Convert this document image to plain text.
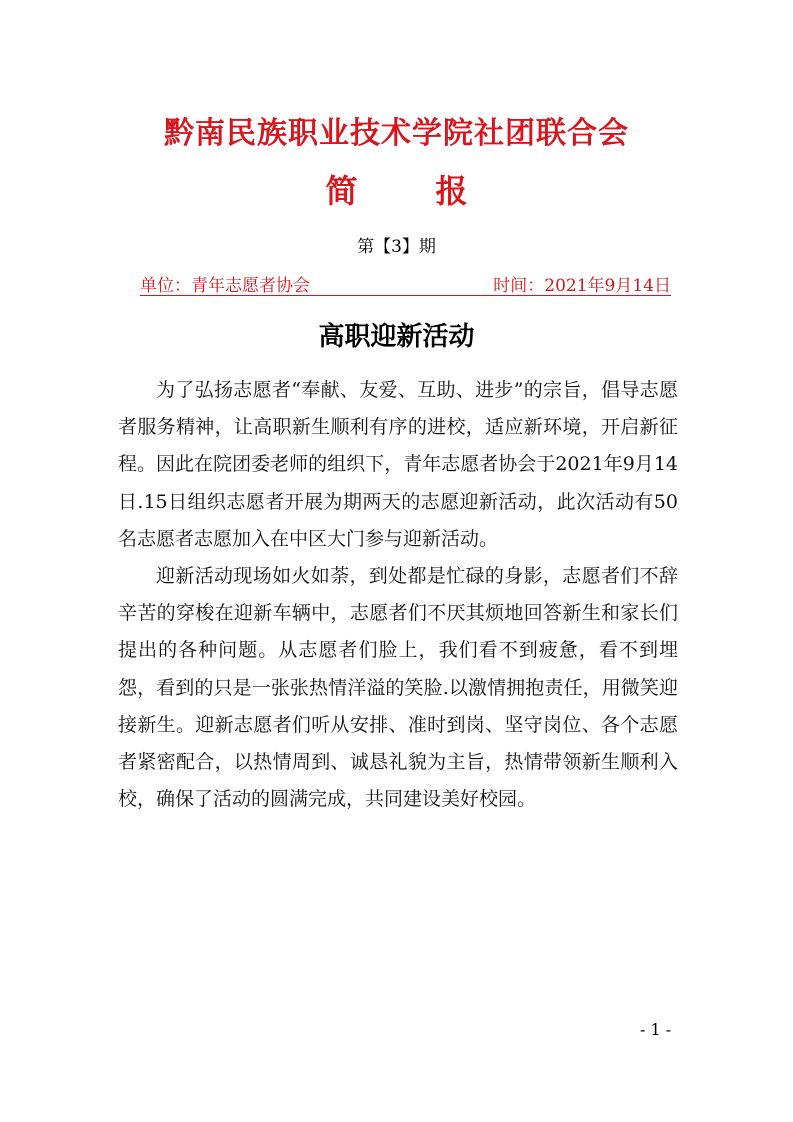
黔南民族职业技术学院社团联合会
简 报
第【3】期
单位：青年志愿者协会	时间：2021年9月14日
高职迎新活动

为了弘扬志愿者“奉献、友爱、互助、进步”的宗旨，倡导志愿者服务精神，让高职新生顺利有序的进校，适应新环境，开启新征程。因此在院团委老师的组织下，青年志愿者协会于2021年9月14日.15日组织志愿者开展为期两天的志愿迎新活动，此次活动有50名志愿者志愿加入在中区大门参与迎新活动。

迎新活动现场如火如荼，到处都是忙碌的身影，志愿者们不辞辛苦的穿梭在迎新车辆中，志愿者们不厌其烦地回答新生和家长们提出的各种问题。从志愿者们脸上，我们看不到疲惫，看不到埋怨，看到的只是一张张热情洋溢的笑脸.以激情拥抱责任，用微笑迎接新生。迎新志愿者们听从安排、准时到岗、坚守岗位、各个志愿者紧密配合，以热情周到、诚恳礼貌为主旨，热情带领新生顺利入校，确保了活动的圆满完成，共同建设美好校园。

- 1 -
